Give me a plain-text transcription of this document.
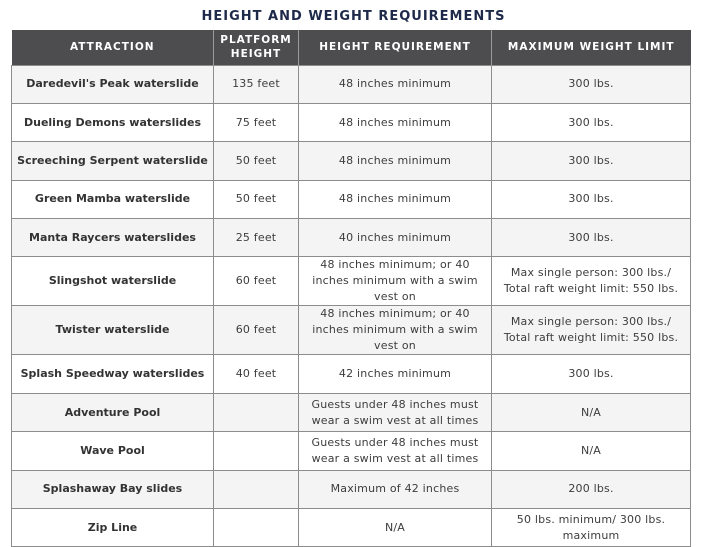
HEIGHT AND WEIGHT REQUIREMENTS
ATTRACTION	PLATFORM HEIGHT	HEIGHT REQUIREMENT	MAXIMUM WEIGHT LIMIT
Daredevil's Peak waterslide	135 feet	48 inches minimum	300 lbs.
Dueling Demons waterslides	75 feet	48 inches minimum	300 lbs.
Screeching Serpent waterslide	50 feet	48 inches minimum	300 lbs.
Green Mamba waterslide	50 feet	48 inches minimum	300 lbs.
Manta Raycers waterslides	25 feet	40 inches minimum	300 lbs.
Slingshot waterslide	60 feet	48 inches minimum; or 40 inches minimum with a swim vest on	Max single person: 300 lbs./ Total raft weight limit: 550 lbs.
Twister waterslide	60 feet	48 inches minimum; or 40 inches minimum with a swim vest on	Max single person: 300 lbs./ Total raft weight limit: 550 lbs.
Splash Speedway waterslides	40 feet	42 inches minimum	300 lbs.
Adventure Pool		Guests under 48 inches must wear a swim vest at all times	N/A
Wave Pool		Guests under 48 inches must wear a swim vest at all times	N/A
Splashaway Bay slides		Maximum of 42 inches	200 lbs.
Zip Line		N/A	50 lbs. minimum/ 300 lbs. maximum
